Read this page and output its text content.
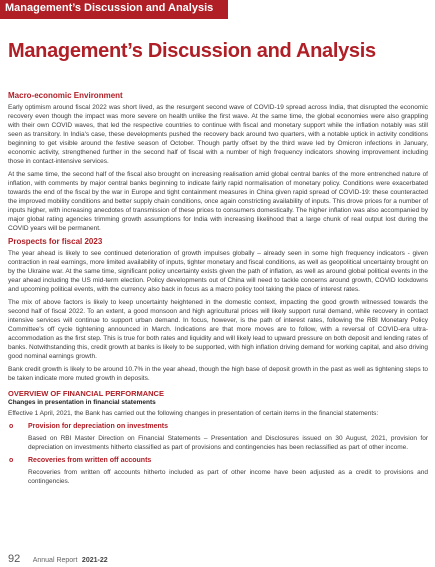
Management’s Discussion and Analysis
Management’s Discussion and Analysis
Macro-economic Environment

Early optimism around fiscal 2022 was short lived, as the resurgent second wave of COVID-19 spread across India, that disrupted the economic recovery even though the impact was more severe on health unlike the first wave. At the same time, the global economies were also grappling with their own COVID waves, that led the respective countries to continue with fiscal and monetary support while the inflation notably was still seen as transitory. In India's case, these developments pushed the recovery back around two quarters, with a notable uptick in activity conditions beginning to get visible around the festive season of October. Though partly offset by the third wave led by Omicron infections in January, economic activity, strengthened further in the second half of fiscal with a number of high frequency indicators showing improvement including those in contact-intensive services.

At the same time, the second half of the fiscal also brought on increasing realisation amid global central banks of the more entrenched nature of inflation, with comments by major central banks beginning to indicate fairly rapid normalisation of monetary policy. Conditions were exacerbated towards the end of the fiscal by the war in Europe and tight containment measures in China given rapid spread of COVID-19: these counteracted the improved mobility conditions and better supply chain conditions, once again constricting availability of inputs. This drove prices for a number of inputs higher, with increasing anecdotes of transmission of these prices to consumers domestically. The higher inflation was also accompanied by major global rating agencies trimming growth assumptions for India with increasing likelihood that a large chunk of real output lost during the COVID years will be permanent.

Prospects for fiscal 2023

The year ahead is likely to see continued deterioration of growth impulses globally – already seen in some high frequency indicators - given contraction in real earnings, more limited availability of inputs, tighter monetary and fiscal conditions, as well as geopolitical uncertainty brought on by the Ukraine war. At the same time, significant policy uncertainty exists given the path of inflation, as well as around global political events in the year ahead including the US mid-term election. Policy developments out of China will need to tackle concerns around growth, COVID lockdowns and upcoming political events, with the currency also back in focus as a macro policy tool taking the place of interest rates.

The mix of above factors is likely to keep uncertainty heightened in the domestic context, impacting the good growth witnessed towards the second half of fiscal 2022. To an extent, a good monsoon and high agricultural prices will likely support rural demand, while recovery in contact intensive services will continue to support urban demand. In focus, however, is the path of interest rates, following the RBI Monetary Policy Committee's off cycle tightening announced in March. Indications are that more moves are to follow, with a reversal of COVID-era ultra-accommodation as the first step. This is true for both rates and liquidity and will likely lead to upward pressure on both deposit and lending rates of banks. Notwithstanding this, credit growth at banks is likely to be supported, with high inflation driving demand for working capital, and also driving good nominal earnings growth.

Bank credit growth is likely to be around 10.7% in the year ahead, though the high base of deposit growth in the past as well as tightening steps to be taken indicate more muted growth in deposits.

OVERVIEW OF FINANCIAL PERFORMANCE
Changes in presentation in financial statements

Effective 1 April, 2021, the Bank has carried out the following changes in presentation of certain items in the financial statements:

o Provision for depreciation on investments

Based on RBI Master Direction on Financial Statements – Presentation and Disclosures issued on 30 August, 2021, provision for depreciation on investments hitherto classified as part of provisions and contingencies has been reclassified as part of other income.

o Recoveries from written off accounts

Recoveries from written off accounts hitherto included as part of other income have been adjusted as a credit to provisions and contingencies.

92 Annual Report 2021-22
